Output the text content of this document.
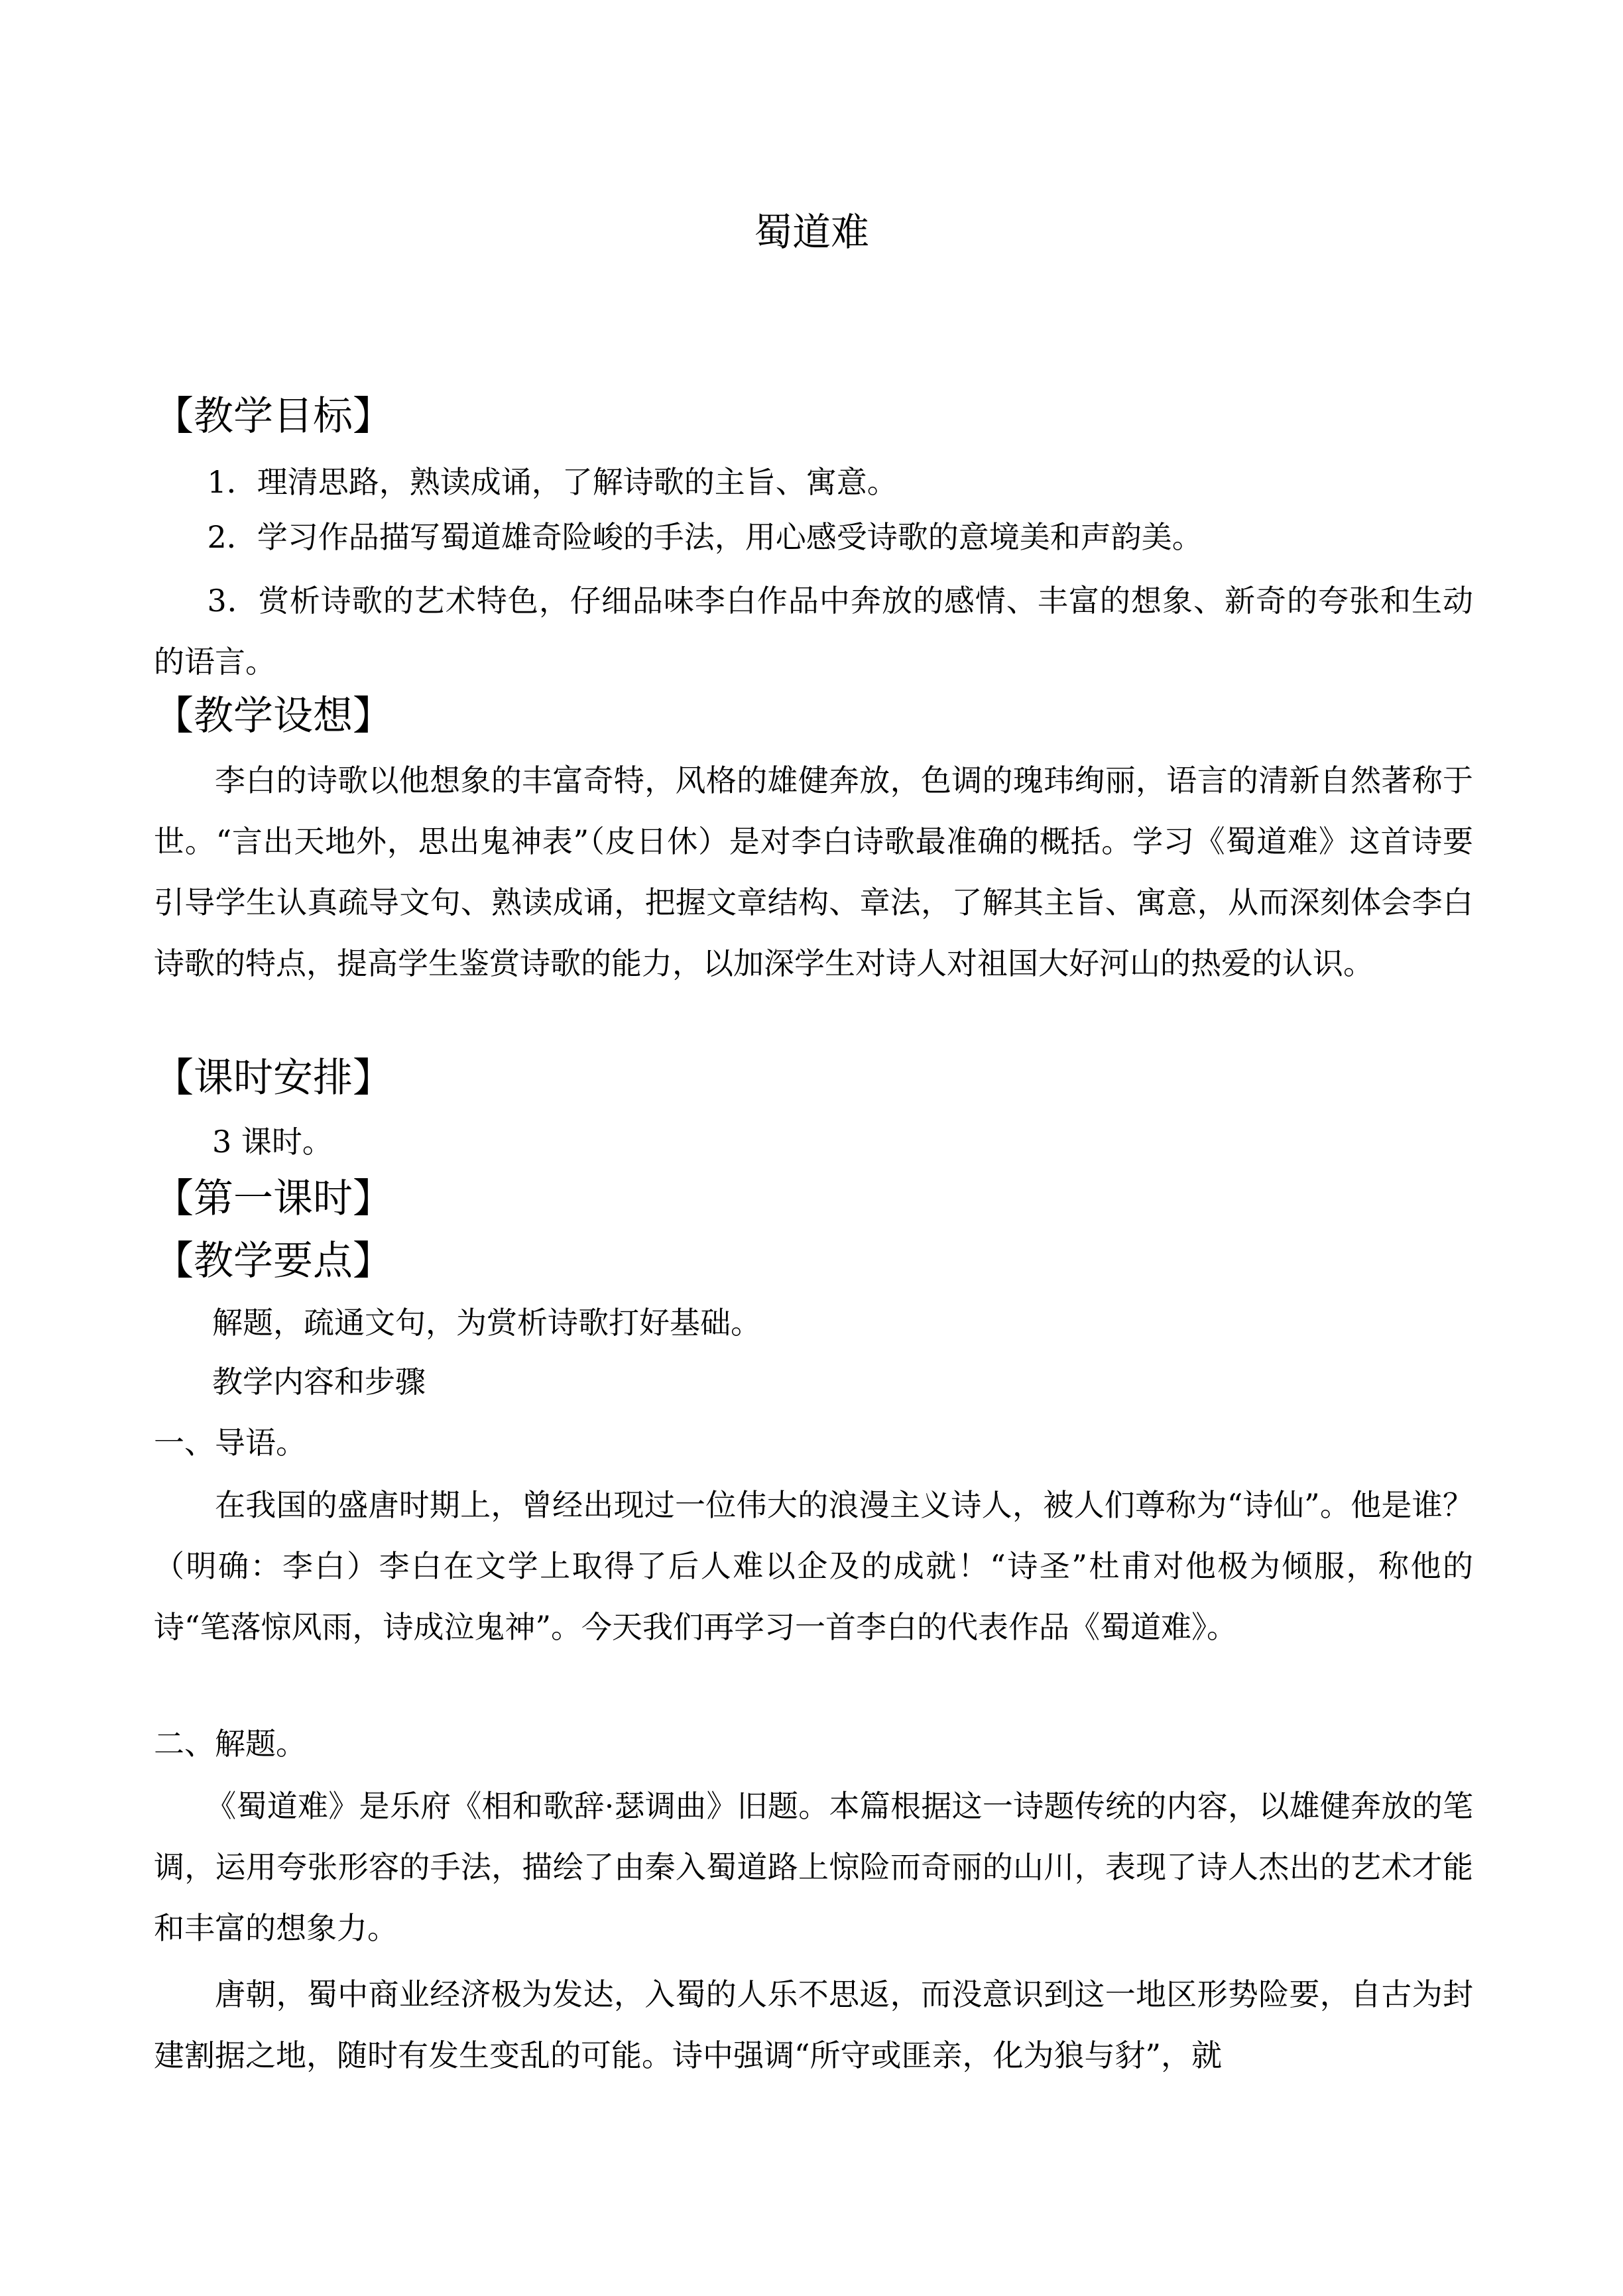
蜀道难
【教学目标】

1．理清思路，熟读成诵，了解诗歌的主旨、寓意。

2．学习作品描写蜀道雄奇险峻的手法，用心感受诗歌的意境美和声韵美。

3．赏析诗歌的艺术特色，仔细品味李白作品中奔放的感情、丰富的想象、新奇的夸张和生动的语言。

【教学设想】

李白的诗歌以他想象的丰富奇特，风格的雄健奔放，色调的瑰玮绚丽，语言的清新自然著称于世。“言出天地外，思出鬼神表”（皮日休）是对李白诗歌最准确的概括。学习《蜀道难》这首诗要引导学生认真疏导文句、熟读成诵，把握文章结构、章法，了解其主旨、寓意，从而深刻体会李白诗歌的特点，提高学生鉴赏诗歌的能力，以加深学生对诗人对祖国大好河山的热爱的认识。

【课时安排】

3 课时。

【第一课时】
【教学要点】

解题，疏通文句，为赏析诗歌打好基础。

教学内容和步骤

一、导语。

在我国的盛唐时期上，曾经出现过一位伟大的浪漫主义诗人，被人们尊称为“诗仙”。他是谁？（明确：李白）李白在文学上取得了后人难以企及的成就！“诗圣”杜甫对他极为倾服，称他的诗“笔落惊风雨，诗成泣鬼神”。今天我们再学习一首李白的代表作品《蜀道难》。

二、解题。

《蜀道难》是乐府《相和歌辞·瑟调曲》旧题。本篇根据这一诗题传统的内容，以雄健奔放的笔调，运用夸张形容的手法，描绘了由秦入蜀道路上惊险而奇丽的山川，表现了诗人杰出的艺术才能和丰富的想象力。

唐朝，蜀中商业经济极为发达，入蜀的人乐不思返，而没意识到这一地区形势险要，自古为封建割据之地，随时有发生变乱的可能。诗中强调“所守或匪亲，化为狼与豺”，就
